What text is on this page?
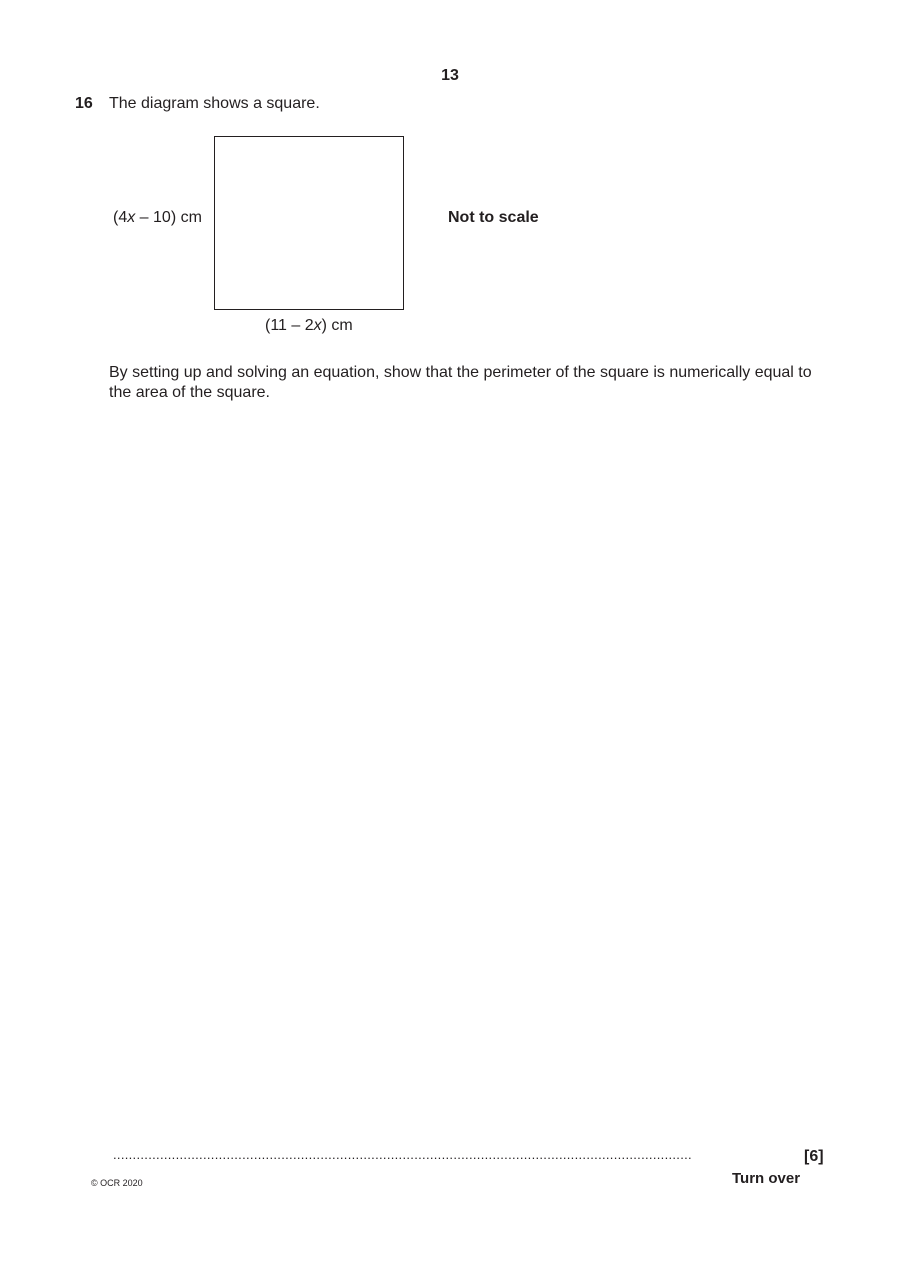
13
16 The diagram shows a square.
(4x – 10) cm
(11 – 2x) cm
Not to scale
By setting up and solving an equation, show that the perimeter of the square is numerically equal to the area of the square.
....................................................................................................................................................	[6]
© OCR 2020	Turn over
